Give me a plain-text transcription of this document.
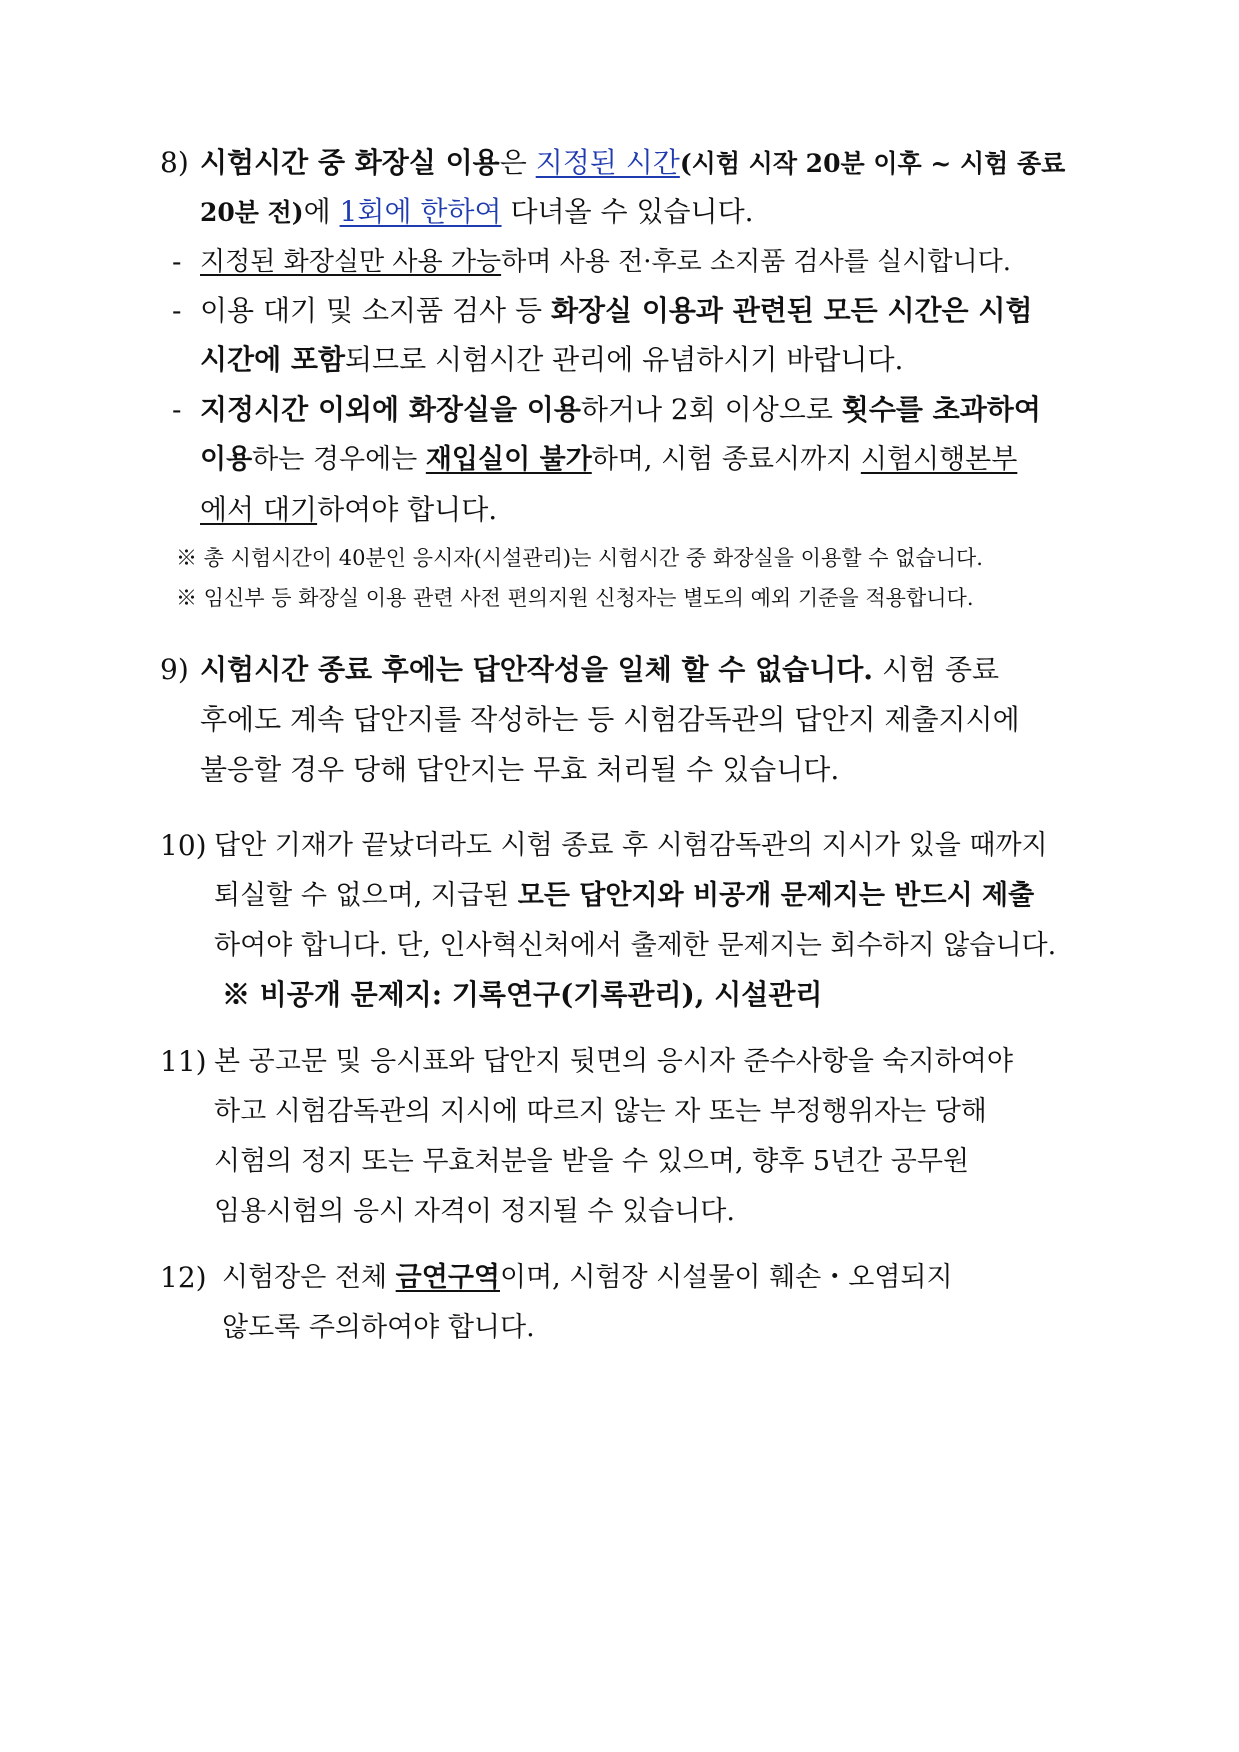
8) 시험시간 중 화장실 이용은 지정된 시간(시험 시작 20분 이후 ~ 시험 종료
20분 전)에 1회에 한하여 다녀올 수 있습니다.
- 지정된 화장실만 사용 가능하며 사용 전·후로 소지품 검사를 실시합니다.
- 이용 대기 및 소지품 검사 등 화장실 이용과 관련된 모든 시간은 시험
시간에 포함되므로 시험시간 관리에 유념하시기 바랍니다.
- 지정시간 이외에 화장실을 이용하거나 2회 이상으로 횟수를 초과하여
이용하는 경우에는 재입실이 불가하며, 시험 종료시까지 시험시행본부
에서 대기하여야 합니다.
※ 총 시험시간이 40분인 응시자(시설관리)는 시험시간 중 화장실을 이용할 수 없습니다.
※ 임신부 등 화장실 이용 관련 사전 편의지원 신청자는 별도의 예외 기준을 적용합니다.
9) 시험시간 종료 후에는 답안작성을 일체 할 수 없습니다. 시험 종료
후에도 계속 답안지를 작성하는 등 시험감독관의 답안지 제출지시에
불응할 경우 당해 답안지는 무효 처리될 수 있습니다.
10) 답안 기재가 끝났더라도 시험 종료 후 시험감독관의 지시가 있을 때까지
퇴실할 수 없으며, 지급된 모든 답안지와 비공개 문제지는 반드시 제출
하여야 합니다. 단, 인사혁신처에서 출제한 문제지는 회수하지 않습니다.
※ 비공개 문제지: 기록연구(기록관리), 시설관리
11) 본 공고문 및 응시표와 답안지 뒷면의 응시자 준수사항을 숙지하여야
하고 시험감독관의 지시에 따르지 않는 자 또는 부정행위자는 당해
시험의 정지 또는 무효처분을 받을 수 있으며, 향후 5년간 공무원
임용시험의 응시 자격이 정지될 수 있습니다.
12) 시험장은 전체 금연구역이며, 시험장 시설물이 훼손・오염되지
않도록 주의하여야 합니다.
